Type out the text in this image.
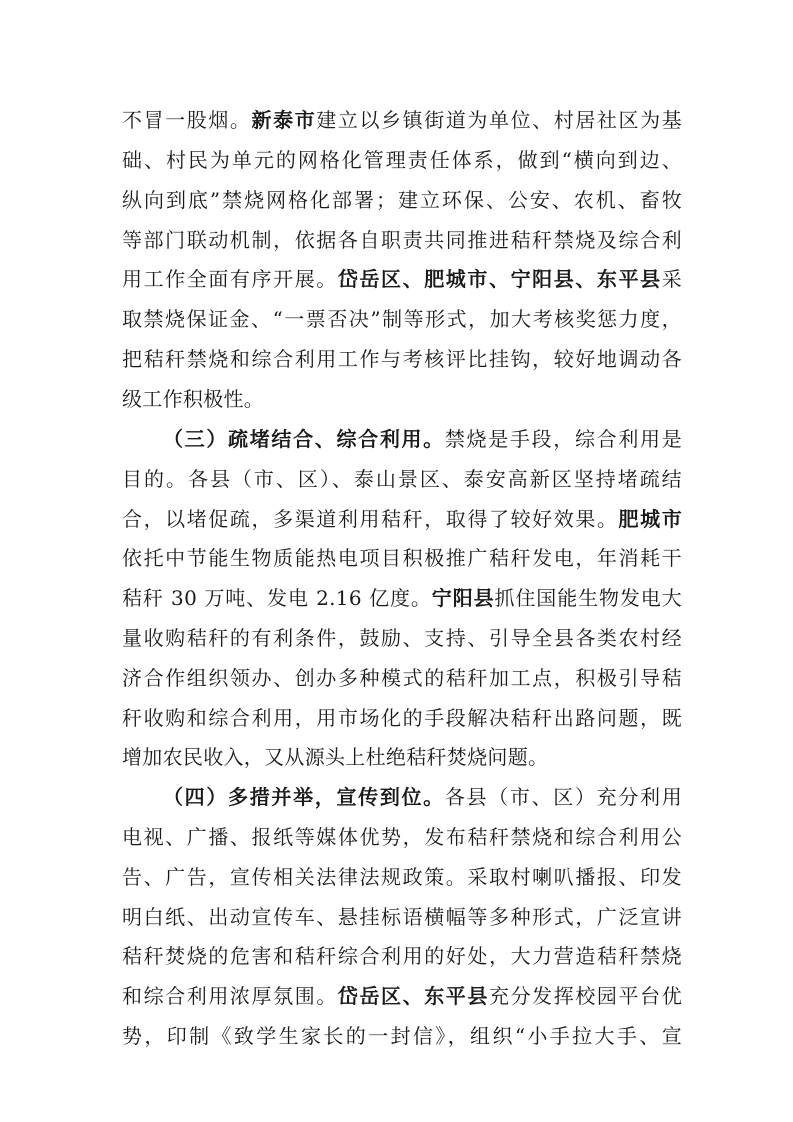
不冒一股烟。新泰市建立以乡镇街道为单位、村居社区为基
础、村民为单元的网格化管理责任体系，做到“横向到边、
纵向到底”禁烧网格化部署；建立环保、公安、农机、畜牧
等部门联动机制，依据各自职责共同推进秸秆禁烧及综合利
用工作全面有序开展。岱岳区、肥城市、宁阳县、东平县采
取禁烧保证金、“一票否决”制等形式，加大考核奖惩力度，
把秸秆禁烧和综合利用工作与考核评比挂钩，较好地调动各
级工作积极性。
（三）疏堵结合、综合利用。禁烧是手段，综合利用是
目的。各县（市、区）、泰山景区、泰安高新区坚持堵疏结
合，以堵促疏，多渠道利用秸秆，取得了较好效果。肥城市
依托中节能生物质能热电项目积极推广秸秆发电，年消耗干
秸秆 30 万吨、发电 2.16 亿度。宁阳县抓住国能生物发电大
量收购秸秆的有利条件，鼓励、支持、引导全县各类农村经
济合作组织领办、创办多种模式的秸秆加工点，积极引导秸
秆收购和综合利用，用市场化的手段解决秸秆出路问题，既
增加农民收入，又从源头上杜绝秸秆焚烧问题。
（四）多措并举，宣传到位。各县（市、区）充分利用
电视、广播、报纸等媒体优势，发布秸秆禁烧和综合利用公
告、广告，宣传相关法律法规政策。采取村喇叭播报、印发
明白纸、出动宣传车、悬挂标语横幅等多种形式，广泛宣讲
秸秆焚烧的危害和秸秆综合利用的好处，大力营造秸秆禁烧
和综合利用浓厚氛围。岱岳区、东平县充分发挥校园平台优
势，印制《致学生家长的一封信》，组织“小手拉大手、宣
